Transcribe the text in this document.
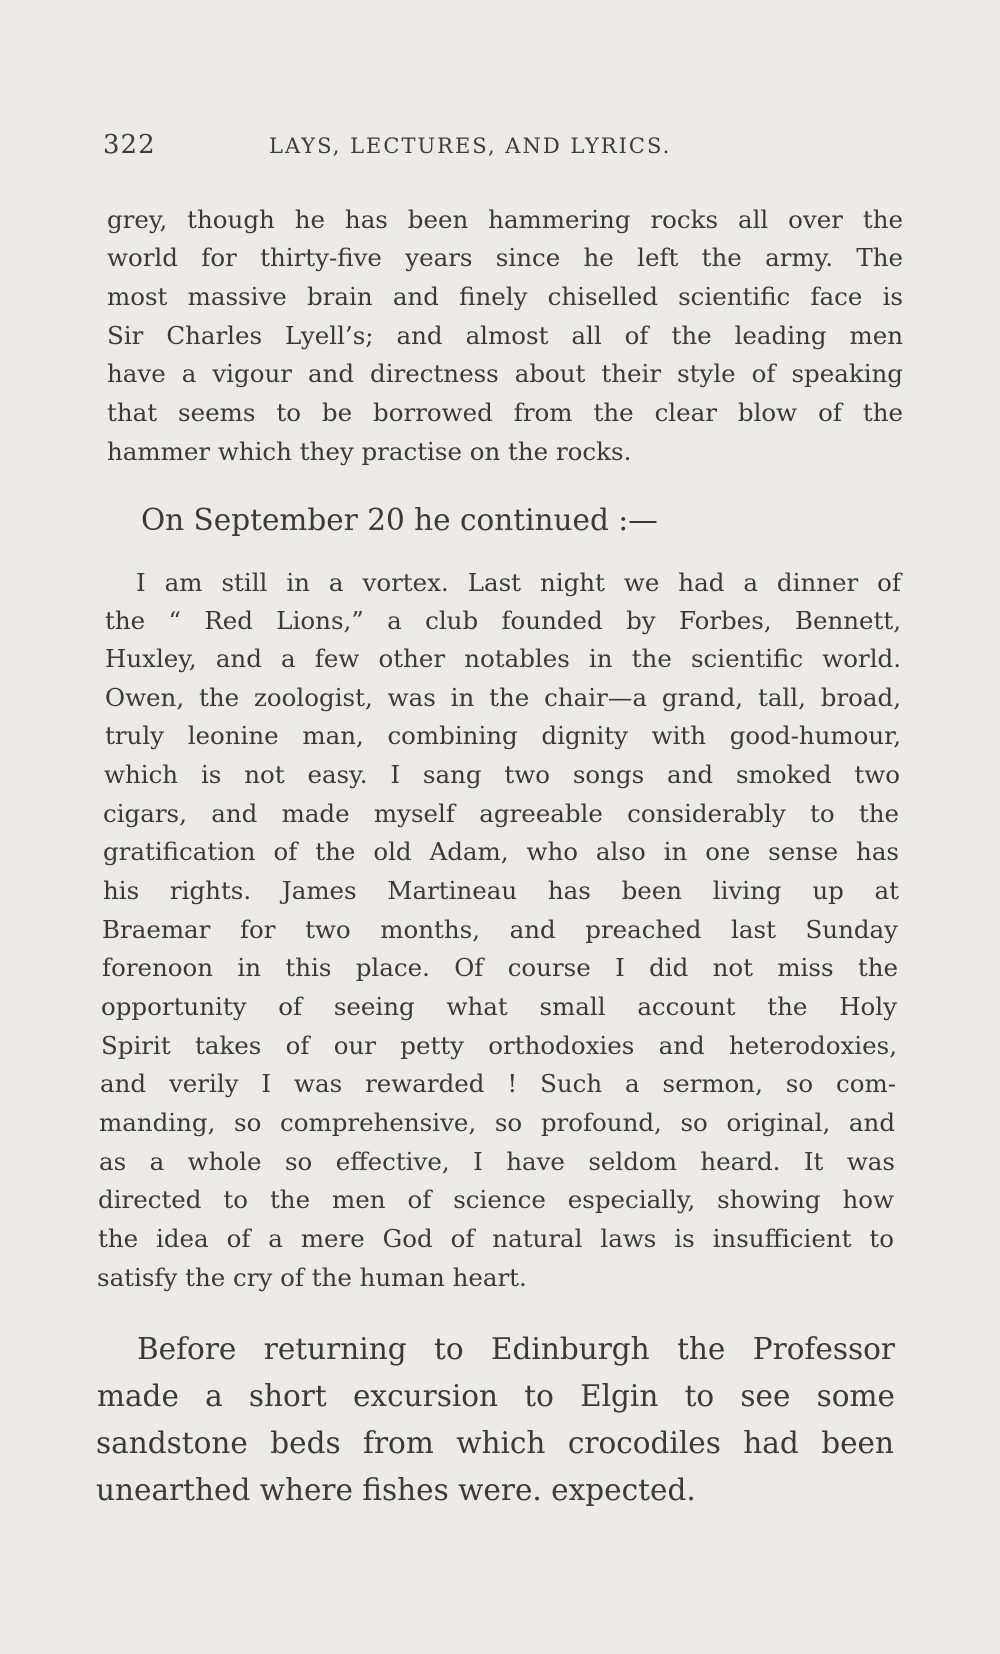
322	LAYS, LECTURES, AND LYRICS.
grey, though he has been hammering rocks all over the
world for thirty-five years since he left the army. The
most massive brain and finely chiselled scientific face is
Sir Charles Lyell’s; and almost all of the leading men
have a vigour and directness about their style of speaking
that seems to be borrowed from the clear blow of the
hammer which they practise on the rocks.
On September 20 he continued :—
I am still in a vortex. Last night we had a dinner of
the “ Red Lions,” a club founded by Forbes, Bennett,
Huxley, and a few other notables in the scientific world.
Owen, the zoologist, was in the chair—a grand, tall, broad,
truly leonine man, combining dignity with good-humour,
which is not easy. I sang two songs and smoked two
cigars, and made myself agreeable considerably to the
gratification of the old Adam, who also in one sense has
his rights. James Martineau has been living up at
Braemar for two months, and preached last Sunday
forenoon in this place. Of course I did not miss the
opportunity of seeing what small account the Holy
Spirit takes of our petty orthodoxies and heterodoxies,
and verily I was rewarded ! Such a sermon, so com-
manding, so comprehensive, so profound, so original, and
as a whole so effective, I have seldom heard. It was
directed to the men of science especially, showing how
the idea of a mere God of natural laws is insufficient to
satisfy the cry of the human heart.
Before returning to Edinburgh the Professor
made a short excursion to Elgin to see some
sandstone beds from which crocodiles had been
unearthed where fishes were. expected.
